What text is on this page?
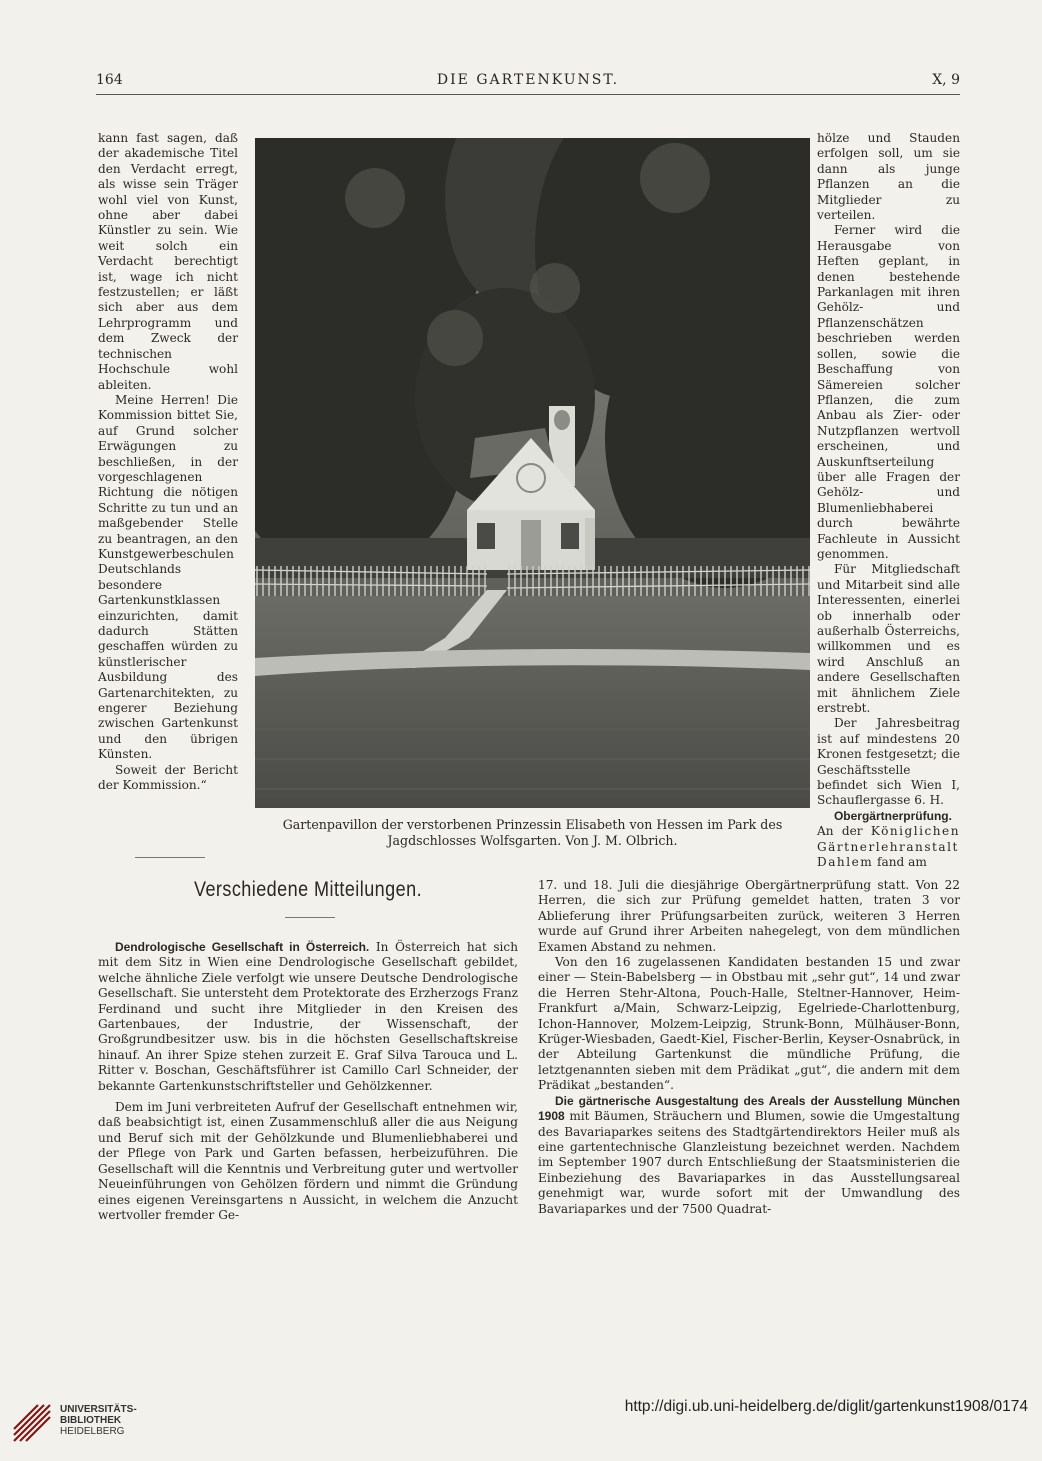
164	DIE GARTENKUNST.	X, 9

kann fast sagen, daß der akademische Titel den Verdacht erregt, als wisse sein Träger wohl viel von Kunst, ohne aber dabei Künstler zu sein. Wie weit solch ein Verdacht berechtigt ist, wage ich nicht festzustellen; er läßt sich aber aus dem Lehrprogramm und dem Zweck der technischen Hochschule wohl ableiten.

Meine Herren! Die Kommission bittet Sie, auf Grund solcher Erwägungen zu beschließen, in der vorgeschlagenen Richtung die nötigen Schritte zu tun und an maßgebender Stelle zu beantragen, an den Kunstgewerbeschulen Deutschlands besondere Gartenkunstklassen einzurichten, damit dadurch Stätten geschaffen würden zu künstlerischer Ausbildung des Gartenarchitekten, zu engerer Beziehung zwischen Gartenkunst und den übrigen Künsten.

Soweit der Bericht der Kommission.“

Gartenpavillon der verstorbenen Prinzessin Elisabeth von Hessen im Park des
Jagdschlosses Wolfsgarten. Von J. M. Olbrich.

hölze und Stauden erfolgen soll, um sie dann als junge Pflanzen an die Mitglieder zu verteilen.

Ferner wird die Herausgabe von Heften geplant, in denen bestehende Parkanlagen mit ihren Gehölz- und Pflanzenschätzen beschrieben werden sollen, sowie die Beschaffung von Sämereien solcher Pflanzen, die zum Anbau als Zier- oder Nutzpflanzen wertvoll erscheinen, und Auskunftserteilung über alle Fragen der Gehölz- und Blumenliebhaberei durch bewährte Fachleute in Aussicht genommen.

Für Mitgliedschaft und Mitarbeit sind alle Interessenten, einerlei ob innerhalb oder außerhalb Österreichs, willkommen und es wird Anschluß an andere Gesellschaften mit ähnlichem Ziele erstrebt.

Der Jahresbeitrag ist auf mindestens 20 Kronen festgesetzt; die Geschäftsstelle befindet sich Wien I, Schauflergasse 6. H.

Obergärtnerprüfung. An der Königlichen Gärtnerlehranstalt Dahlem fand am

Verschiedene Mitteilungen.

Dendrologische Gesellschaft in Österreich. In Österreich hat sich mit dem Sitz in Wien eine Dendrologische Gesellschaft gebildet, welche ähnliche Ziele verfolgt wie unsere Deutsche Dendrologische Gesellschaft. Sie untersteht dem Protektorate des Erzherzogs Franz Ferdinand und sucht ihre Mitglieder in den Kreisen des Gartenbaues, der Industrie, der Wissenschaft, der Großgrundbesitzer usw. bis in die höchsten Gesellschaftskreise hinauf. An ihrer Spize stehen zurzeit E. Graf Silva Tarouca und L. Ritter v. Boschan, Geschäftsführer ist Camillo Carl Schneider, der bekannte Gartenkunstschriftsteller und Gehölzkenner.

Dem im Juni verbreiteten Aufruf der Gesellschaft entnehmen wir, daß beabsichtigt ist, einen Zusammenschluß aller die aus Neigung und Beruf sich mit der Gehölzkunde und Blumenliebhaberei und der Pflege von Park und Garten befassen, herbeizuführen. Die Gesellschaft will die Kenntnis und Verbreitung guter und wertvoller Neueinführungen von Gehölzen fördern und nimmt die Gründung eines eigenen Vereinsgartens n Aussicht, in welchem die Anzucht wertvoller fremder Ge-

17. und 18. Juli die diesjährige Obergärtnerprüfung statt. Von 22 Herren, die sich zur Prüfung gemeldet hatten, traten 3 vor Ablieferung ihrer Prüfungsarbeiten zurück, weiteren 3 Herren wurde auf Grund ihrer Arbeiten nahegelegt, von dem mündlichen Examen Abstand zu nehmen.

Von den 16 zugelassenen Kandidaten bestanden 15 und zwar einer — Stein-Babelsberg — in Obstbau mit „sehr gut“, 14 und zwar die Herren Stehr-Altona, Pouch-Halle, Steltner-Hannover, Heim-Frankfurt a/Main, Schwarz-Leipzig, Egelriede-Charlottenburg, Ichon-Hannover, Molzem-Leipzig, Strunk-Bonn, Mülhäuser-Bonn, Krüger-Wiesbaden, Gaedt-Kiel, Fischer-Berlin, Keyser-Osnabrück, in der Abteilung Gartenkunst die mündliche Prüfung, die letztgenannten sieben mit dem Prädikat „gut“, die andern mit dem Prädikat „bestanden“.

Die gärtnerische Ausgestaltung des Areals der Ausstellung München 1908 mit Bäumen, Sträuchern und Blumen, sowie die Umgestaltung des Bavariaparkes seitens des Stadtgärtendirektors Heiler muß als eine gartentechnische Glanzleistung bezeichnet werden. Nachdem im September 1907 durch Entschließung der Staatsministerien die Einbeziehung des Bavariaparkes in das Ausstellungsareal genehmigt war, wurde sofort mit der Umwandlung des Bavariaparkes und der 7500 Quadrat-

UNIVERSITÄTS-
BIBLIOTHEK
HEIDELBERG
http://digi.ub.uni-heidelberg.de/diglit/gartenkunst1908/0174
